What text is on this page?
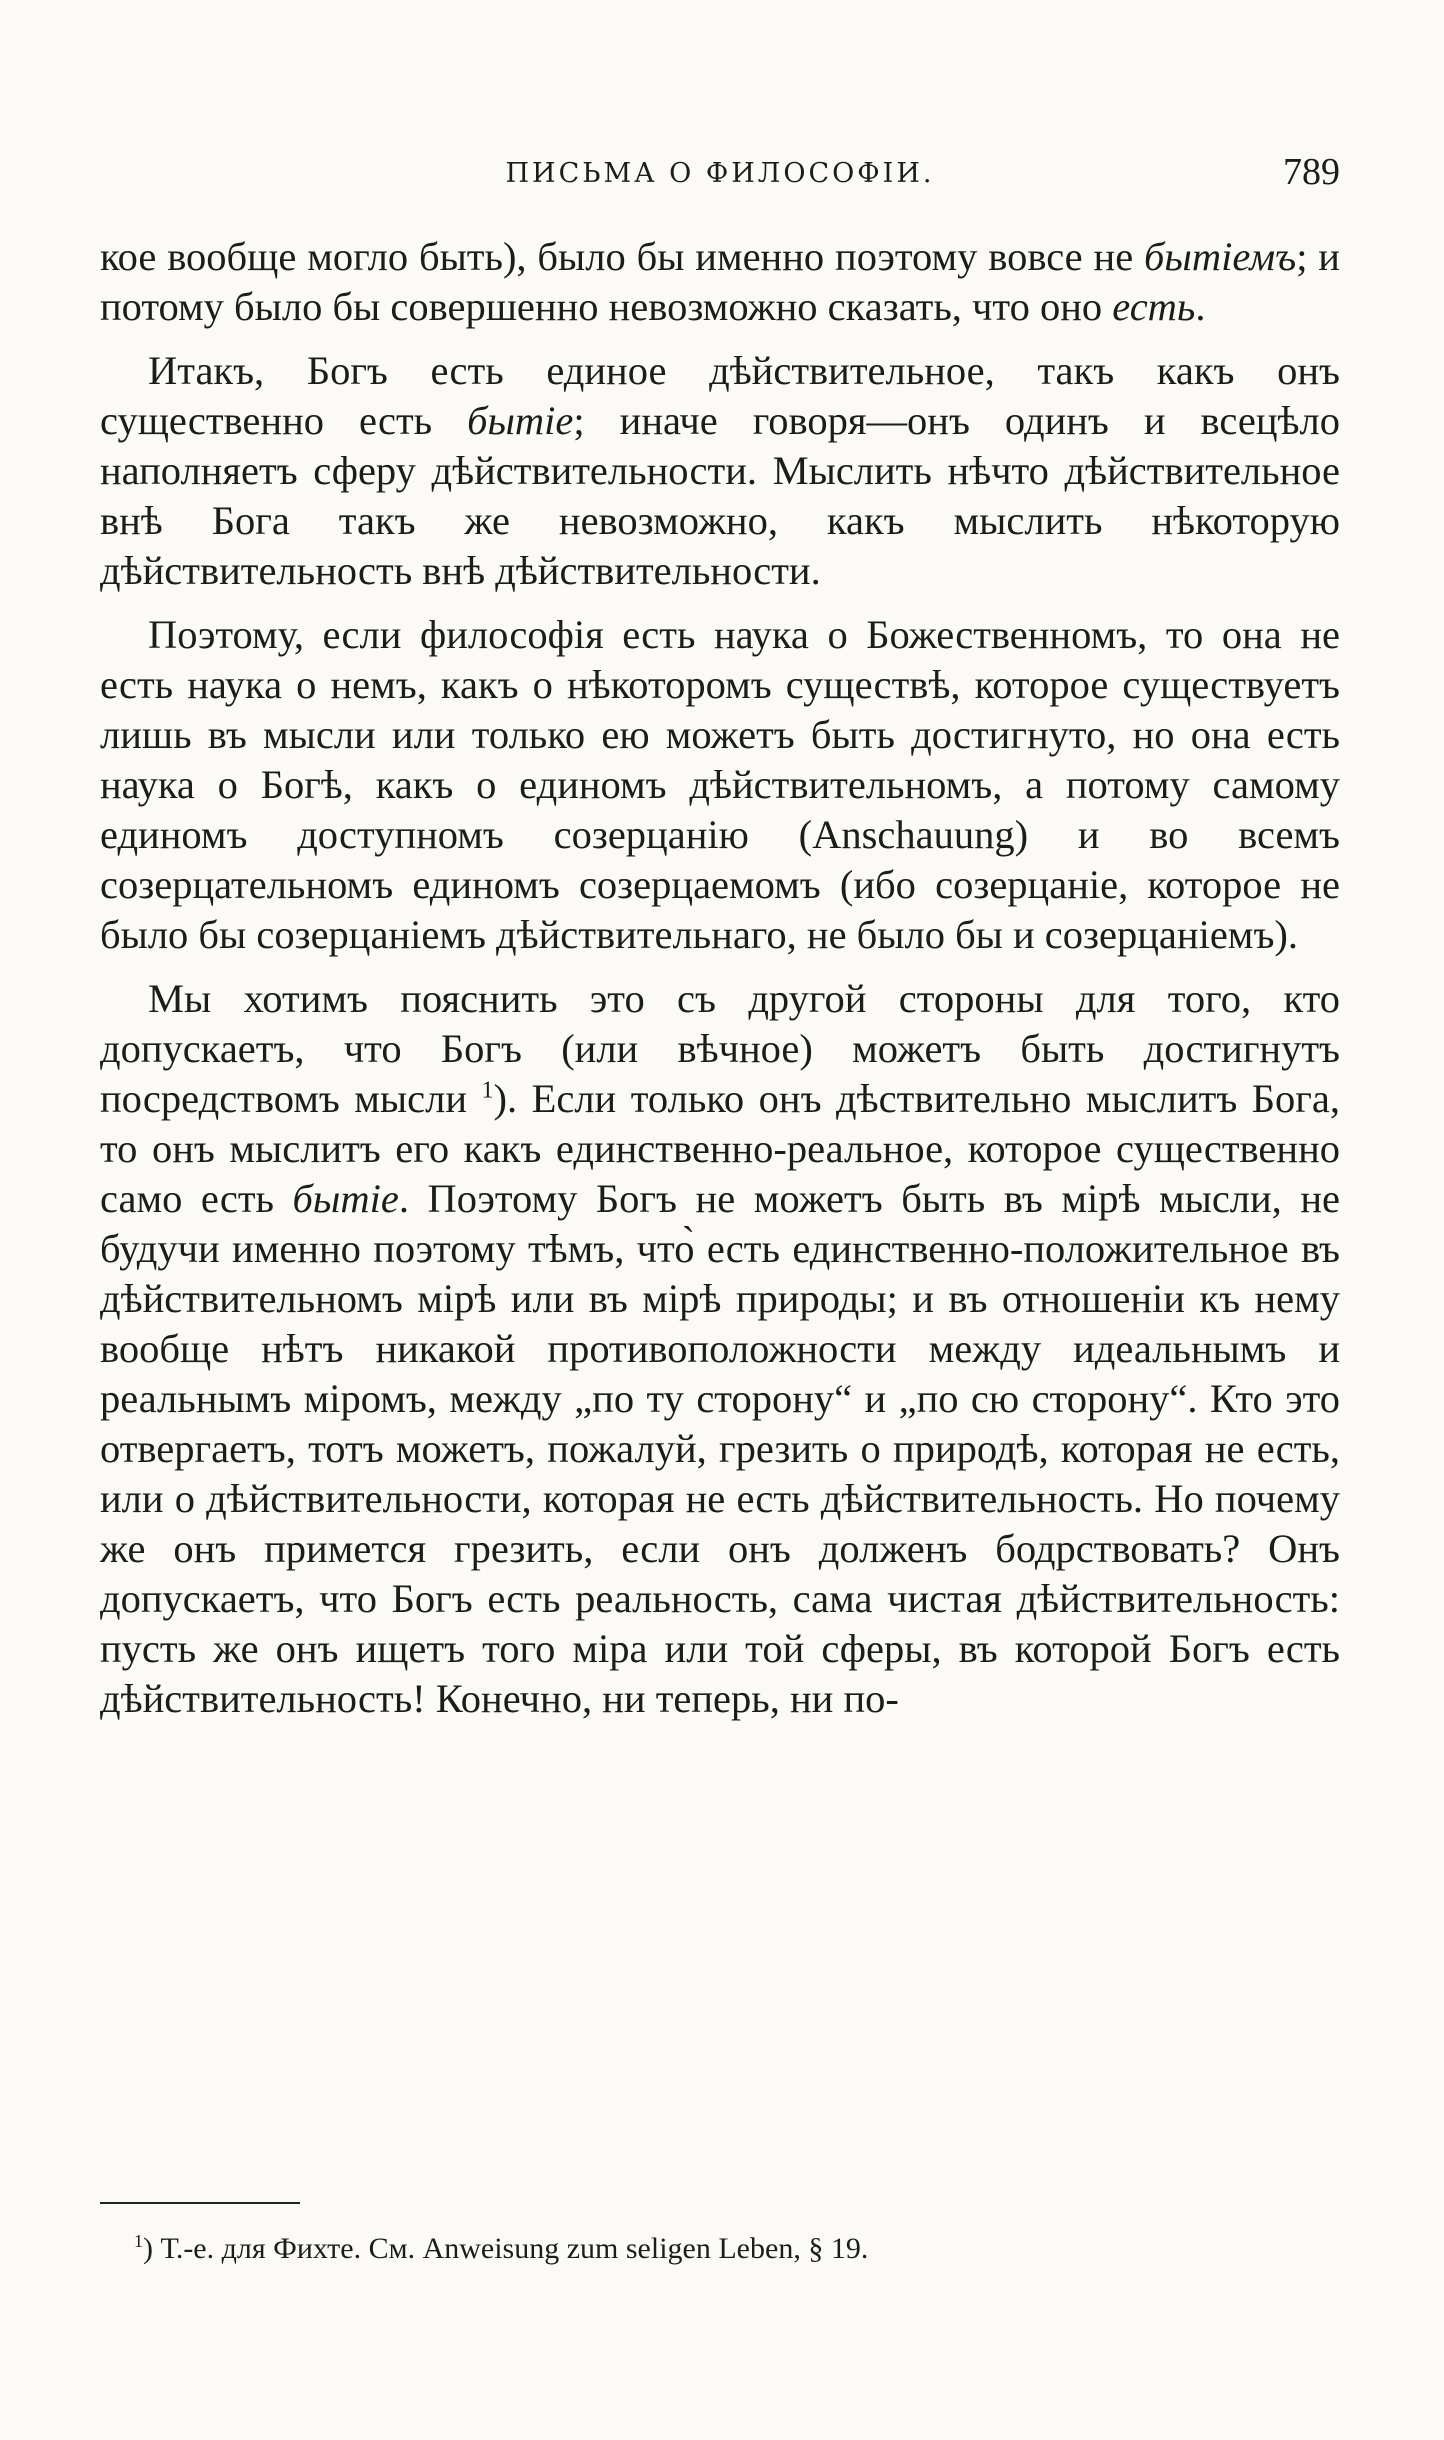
ПИСЬМА О ФИЛОСОФІИ.	789

кое вообще могло быть), было бы именно поэтому вовсе не бытіемъ; и потому было бы совершенно невозможно сказать, что оно есть.

Итакъ, Богъ есть единое дѣйствительное, такъ какъ онъ существенно есть бытіе; иначе говоря—онъ одинъ и всецѣло наполняетъ сферу дѣйствительности. Мыслить нѣчто дѣйствительное внѣ Бога такъ же невозможно, какъ мыслить нѣкоторую дѣйствительность внѣ дѣйствительности.

Поэтому, если философія есть наука о Божественномъ, то она не есть наука о немъ, какъ о нѣкоторомъ существѣ, которое существуетъ лишь въ мысли или только ею можетъ быть достигнуто, но она есть наука о Богѣ, какъ о единомъ дѣйствительномъ, а потому самому единомъ доступномъ созерцанію (Anschauung) и во всемъ созерцательномъ единомъ созерцаемомъ (ибо созерцаніе, которое не было бы созерцаніемъ дѣйствительнаго, не было бы и созерцаніемъ).

Мы хотимъ пояснить это съ другой стороны для того, кто допускаетъ, что Богъ (или вѣчное) можетъ быть достигнутъ посредствомъ мысли $^1$). Если только онъ дѣствительно мыслитъ Бога, то онъ мыслитъ его какъ единственно-реальное, которое существенно само есть бытіе. Поэтому Богъ не можетъ быть въ мірѣ мысли, не будучи именно поэтому тѣмъ, что̀ есть единственно-положительное въ дѣйствительномъ мірѣ или въ мірѣ природы; и въ отношеніи къ нему вообще нѣтъ никакой противоположности между идеальнымъ и реальнымъ міромъ, между „по ту сторону“ и „по сю сторону“. Кто это отвергаетъ, тотъ можетъ, пожалуй, грезить о природѣ, которая не есть, или о дѣйствительности, которая не есть дѣйствительность. Но почему же онъ примется грезить, если онъ долженъ бодрствовать? Онъ допускаетъ, что Богъ есть реальность, сама чистая дѣйствительность: пусть же онъ ищетъ того міра или той сферы, въ которой Богъ есть дѣйствительность! Конечно, ни теперь, ни по-

$^1$) Т.-е. для Фихте. См. Anweisung zum seligen Leben, § 19.
